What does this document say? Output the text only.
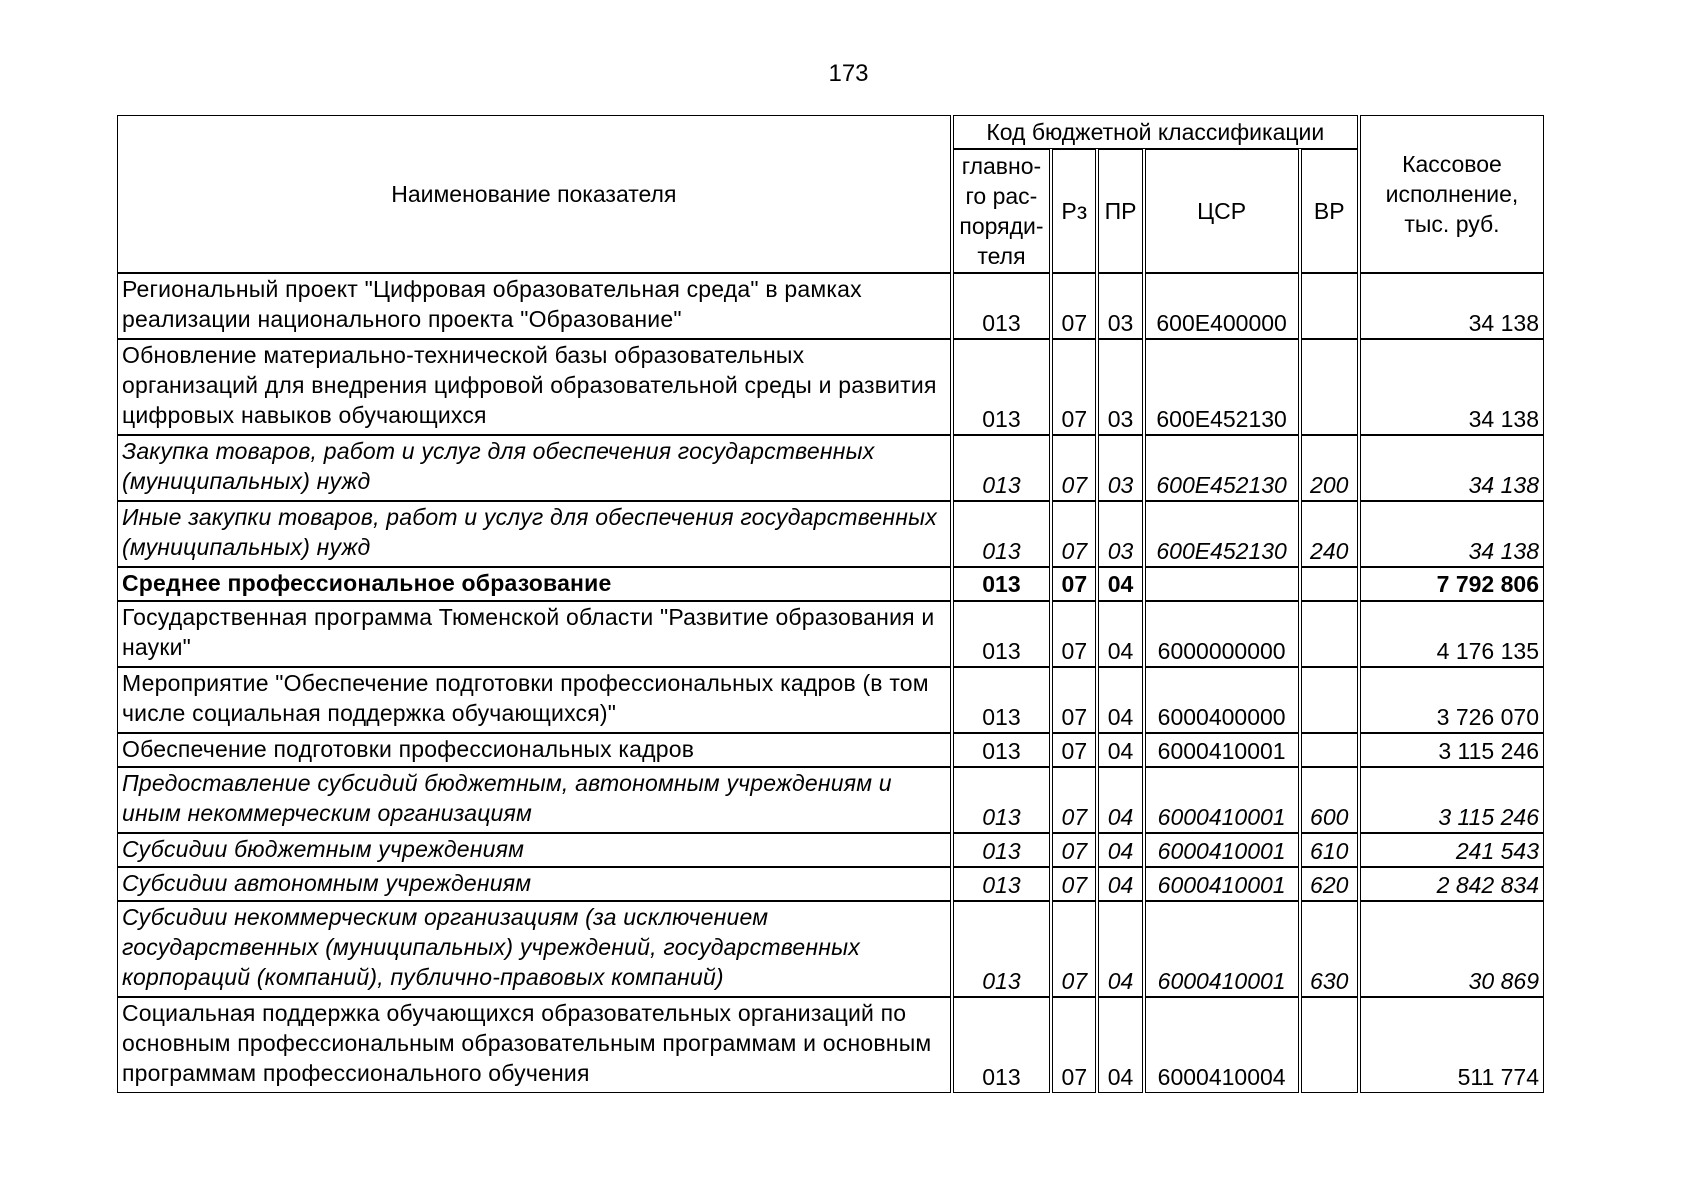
173
Наименование показателя	Код бюджетной классификации					Кассовое исполнение, тыс. руб.
	главно-го рас-поряди-теля	Рз	ПР	ЦСР	ВР	
Региональный проект "Цифровая образовательная среда" в рамках реализации национального проекта "Образование"	013	07	03	600Е400000		34 138
Обновление материально-технической базы образовательных организаций для внедрения цифровой образовательной среды и развития цифровых навыков обучающихся	013	07	03	600Е452130		34 138
Закупка товаров, работ и услуг для обеспечения государственных (муниципальных) нужд	013	07	03	600Е452130	200	34 138
Иные закупки товаров, работ и услуг для обеспечения государственных (муниципальных) нужд	013	07	03	600Е452130	240	34 138
Среднее профессиональное образование	013	07	04			7 792 806
Государственная программа Тюменской области "Развитие образования и науки"	013	07	04	6000000000		4 176 135
Мероприятие "Обеспечение подготовки профессиональных кадров (в том числе социальная поддержка обучающихся)"	013	07	04	6000400000		3 726 070
Обеспечение подготовки профессиональных кадров	013	07	04	6000410001		3 115 246
Предоставление субсидий бюджетным, автономным учреждениям и иным некоммерческим организациям	013	07	04	6000410001	600	3 115 246
Субсидии бюджетным учреждениям	013	07	04	6000410001	610	241 543
Субсидии автономным учреждениям	013	07	04	6000410001	620	2 842 834
Субсидии некоммерческим организациям (за исключением государственных (муниципальных) учреждений, государственных корпораций (компаний), публично-правовых компаний)	013	07	04	6000410001	630	30 869
Социальная поддержка обучающихся образовательных организаций по основным профессиональным образовательным программам и основным программам профессионального обучения	013	07	04	6000410004		511 774
